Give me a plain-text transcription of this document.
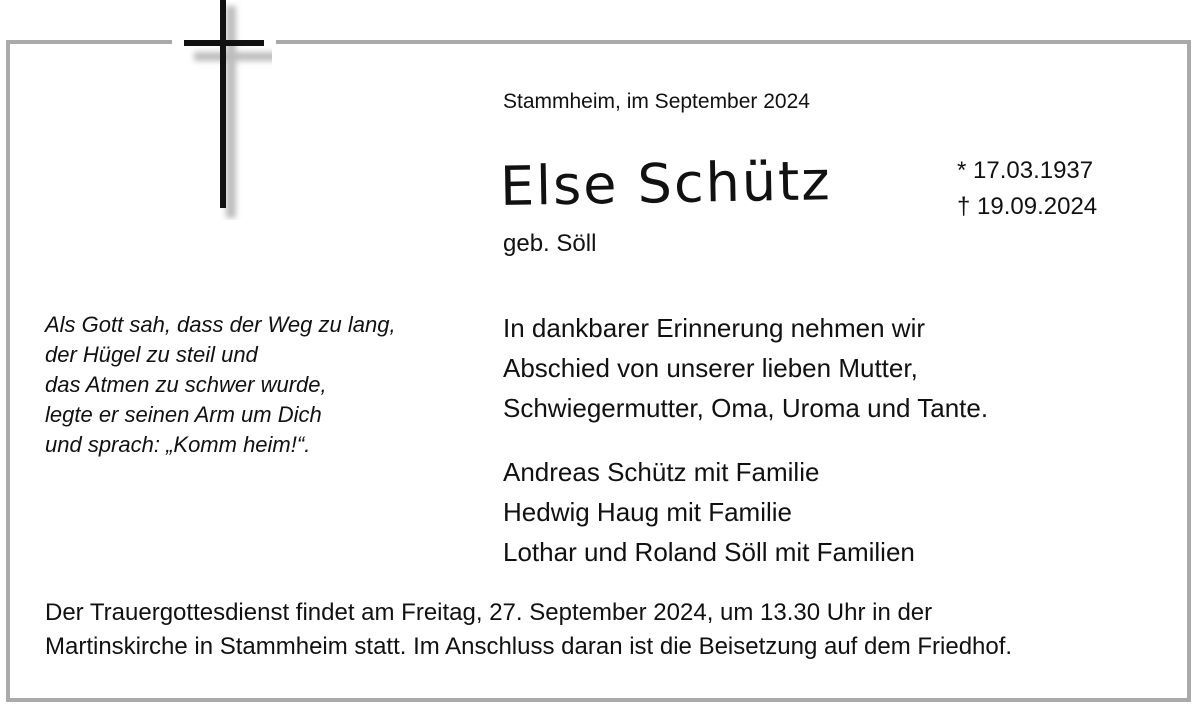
Stammheim, im September 2024

Else Schütz

geb. Söll

* 17.03.1937
† 19.09.2024
Als Gott sah, dass der Weg zu lang,
der Hügel zu steil und
das Atmen zu schwer wurde,
legte er seinen Arm um Dich
und sprach: „Komm heim!“.
In dankbarer Erinnerung nehmen wir
Abschied von unserer lieben Mutter,
Schwiegermutter, Oma, Uroma und Tante.
Andreas Schütz mit Familie
Hedwig Haug mit Familie
Lothar und Roland Söll mit Familien
Der Trauergottesdienst findet am Freitag, 27. September 2024, um 13.30 Uhr in der
Martinskirche in Stammheim statt. Im Anschluss daran ist die Beisetzung auf dem Friedhof.
